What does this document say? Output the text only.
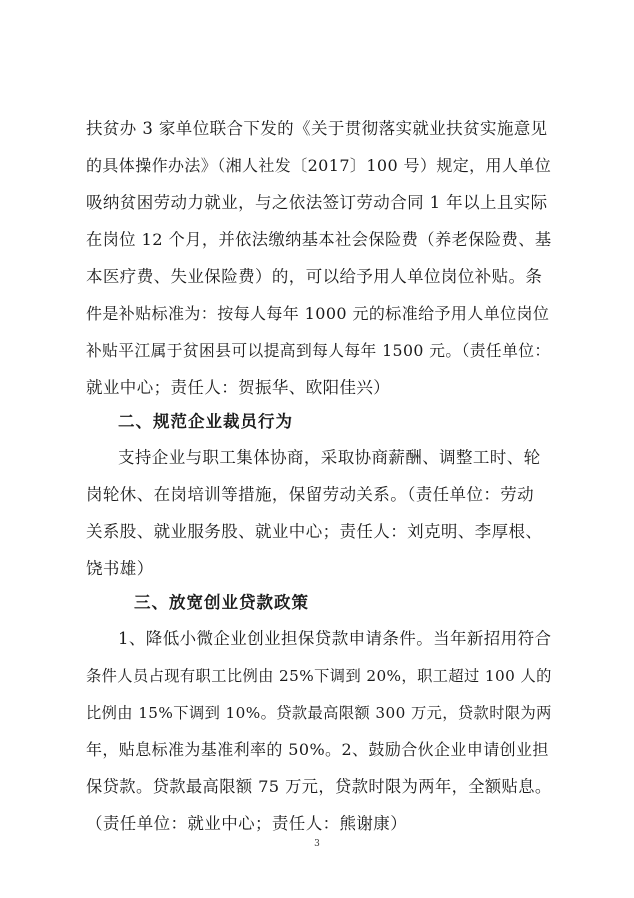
扶贫办 3 家单位联合下发的《关于贯彻落实就业扶贫实施意见
的具体操作办法》（湘人社发〔2017〕100 号）规定，用人单位
吸纳贫困劳动力就业，与之依法签订劳动合同 1 年以上且实际
在岗位 12 个月，并依法缴纳基本社会保险费（养老保险费、基
本医疗费、失业保险费）的，可以给予用人单位岗位补贴。条
件是补贴标准为：按每人每年 1000 元的标准给予用人单位岗位
补贴平江属于贫困县可以提高到每人每年 1500 元。（责任单位：
就业中心；责任人：贺振华、欧阳佳兴）
二、规范企业裁员行为
支持企业与职工集体协商，采取协商薪酬、调整工时、轮
岗轮休、在岗培训等措施，保留劳动关系。（责任单位：劳动
关系股、就业服务股、就业中心；责任人：刘克明、李厚根、
饶书雄）
三、放宽创业贷款政策
1、降低小微企业创业担保贷款申请条件。当年新招用符合
条件人员占现有职工比例由 25%下调到 20%，职工超过 100 人的
比例由 15%下调到 10%。贷款最高限额 300 万元，贷款时限为两
年，贴息标准为基准利率的 50%。2、鼓励合伙企业申请创业担
保贷款。贷款最高限额 75 万元，贷款时限为两年，全额贴息。
（责任单位：就业中心；责任人：熊谢康）
3
